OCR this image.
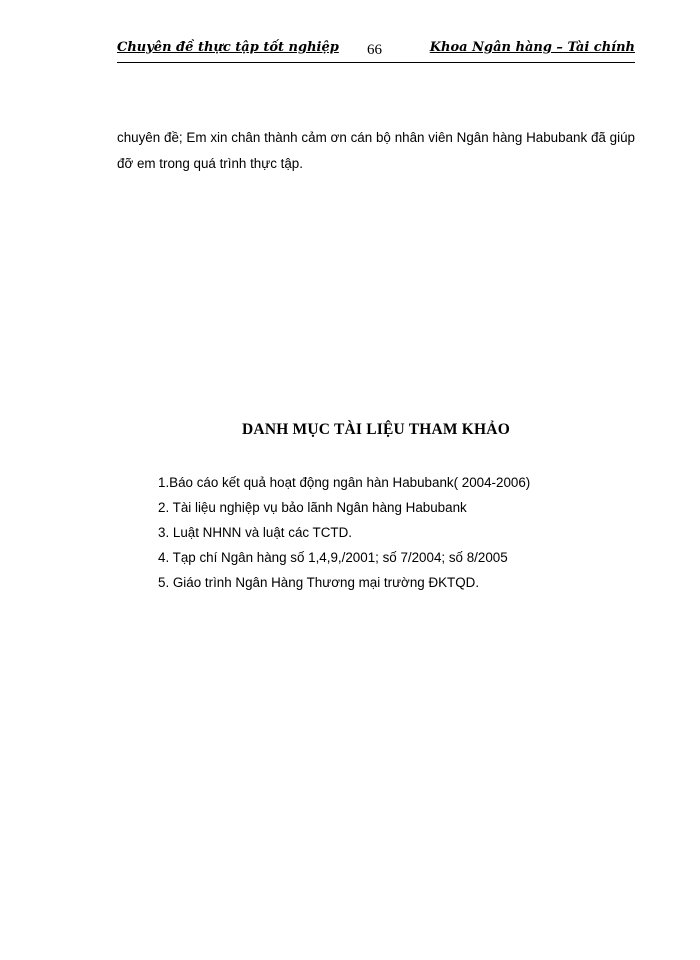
Chuyên đề thực tập tốt nghiệp 66	Khoa Ngân hàng – Tài chính

chuyên đề; Em xin chân thành cảm ơn cán bộ nhân viên Ngân hàng Habubank đã giúp đỡ em trong quá trình thực tập.

DANH MỤC TÀI LIỆU THAM KHẢO
1.Báo cáo kết quả hoạt động ngân hàn Habubank( 2004-2006)
2. Tài liệu nghiệp vụ bảo lãnh Ngân hàng Habubank
3. Luật NHNN và luật các TCTD.
4. Tạp chí Ngân hàng số 1,4,9,/2001; số 7/2004; số 8/2005
5. Giáo trình Ngân Hàng Thương mại trường ĐKTQD.
